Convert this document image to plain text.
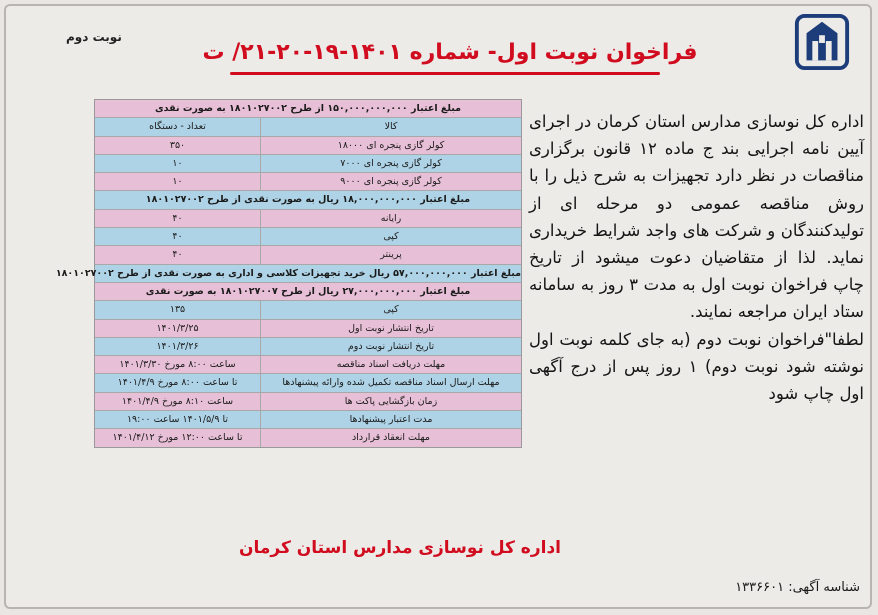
نوبت دوم
فراخوان نوبت اول- شماره ۱۴۰۱-۱۹-۲۰-۲۱/ ت
مبلغ اعتبار ۱۵۰,۰۰۰,۰۰۰,۰۰۰ از طرح ۱۸۰۱۰۲۷۰۰۲ به صورت نقدی
کالا
تعداد - دستگاه
کولر گازی پنجره ای ۱۸۰۰۰
۳۵۰
کولر گازی پنجره ای ۷۰۰۰
۱۰
کولر گازی پنجره ای ۹۰۰۰
۱۰
مبلغ اعتبار ۱۸,۰۰۰,۰۰۰,۰۰۰ ریال به صورت نقدی از طرح ۱۸۰۱۰۲۷۰۰۲
رایانه
۴۰
کپی
۴۰
پرینتر
۴۰
مبلغ اعتبار ۵۷,۰۰۰,۰۰۰,۰۰۰ ریال خرید تجهیزات کلاسی و اداری به صورت نقدی از طرح ۱۸۰۱۰۲۷۰۰۲
مبلغ اعتبار ۲۷,۰۰۰,۰۰۰,۰۰۰ ریال از طرح ۱۸۰۱۰۲۷۰۰۷ به صورت نقدی
کپی
۱۳۵
تاریخ انتشار نوبت اول
۱۴۰۱/۳/۲۵
تاریخ انتشار نوبت دوم
۱۴۰۱/۳/۲۶
مهلت دریافت اسناد مناقصه
ساعت ۸:۰۰ مورخ ۱۴۰۱/۳/۳۰
مهلت ارسال اسناد مناقصه تکمیل شده وارائه پیشنهادها
تا ساعت ۸:۰۰ مورخ ۱۴۰۱/۴/۹
زمان بازگشایی پاکت ها
ساعت ۸:۱۰ مورخ ۱۴۰۱/۴/۹
مدت اعتبار پیشنهادها
تا ۱۴۰۱/۵/۹ ساعت ۱۹:۰۰
مهلت انعقاد قرارداد
تا ساعت ۱۲:۰۰ مورخ ۱۴۰۱/۴/۱۲
اداره کل نوسازی مدارس استان کرمان در اجرای آیین نامه اجرایی بند ج ماده ۱۲ قانون برگزاری مناقصات در نظر دارد تجهیزات به شرح ذیل را با روش مناقصه عمومی دو مرحله ای از تولیدکنندگان و شرکت های واجد شرایط خریداری نماید. لذا از متقاضیان دعوت میشود از تاریخ چاپ فراخوان نوبت اول به مدت ۳ روز به سامانه ستاد ایران مراجعه نمایند.
لطفا"فراخوان نوبت دوم (به جای کلمه نوبت اول نوشته شود نوبت دوم) ۱ روز پس از درج آگهی اول چاپ شود
اداره کل نوسازی مدارس استان کرمان
شناسه آگهی: ۱۳۳۶۶۰۱
